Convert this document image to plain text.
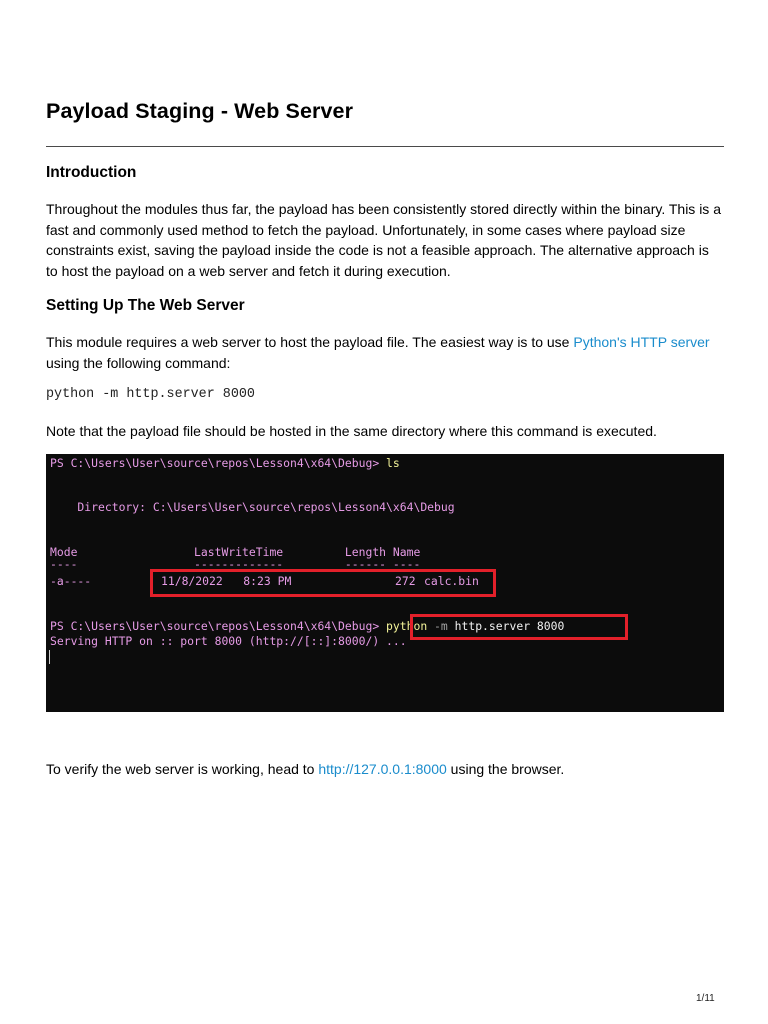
Payload Staging - Web Server
Introduction

Throughout the modules thus far, the payload has been consistently stored directly within the binary. This is a fast and commonly used method to fetch the payload. Unfortunately, in some cases where payload size constraints exist, saving the payload inside the code is not a feasible approach. The alternative approach is to host the payload on a web server and fetch it during execution.

Setting Up The Web Server

This module requires a web server to host the payload file. The easiest way is to use Python's HTTP server using the following command:

python -m http.server 8000

Note that the payload file should be hosted in the same directory where this command is executed.

PS C:\Users\User\source\repos\Lesson4\x64\Debug> ls
Directory: C:\Users\User\source\repos\Lesson4\x64\Debug
Mode                 LastWriteTime         Length Name
----                 -------------         ------ ----
-a----	11/8/2022   8:23 PM	272 calc.bin
PS C:\Users\User\source\repos\Lesson4\x64\Debug> python -m http.server 8000
Serving HTTP on :: port 8000 (http://[::]:8000/) ...

To verify the web server is working, head to http://127.0.0.1:8000 using the browser.

1/11
